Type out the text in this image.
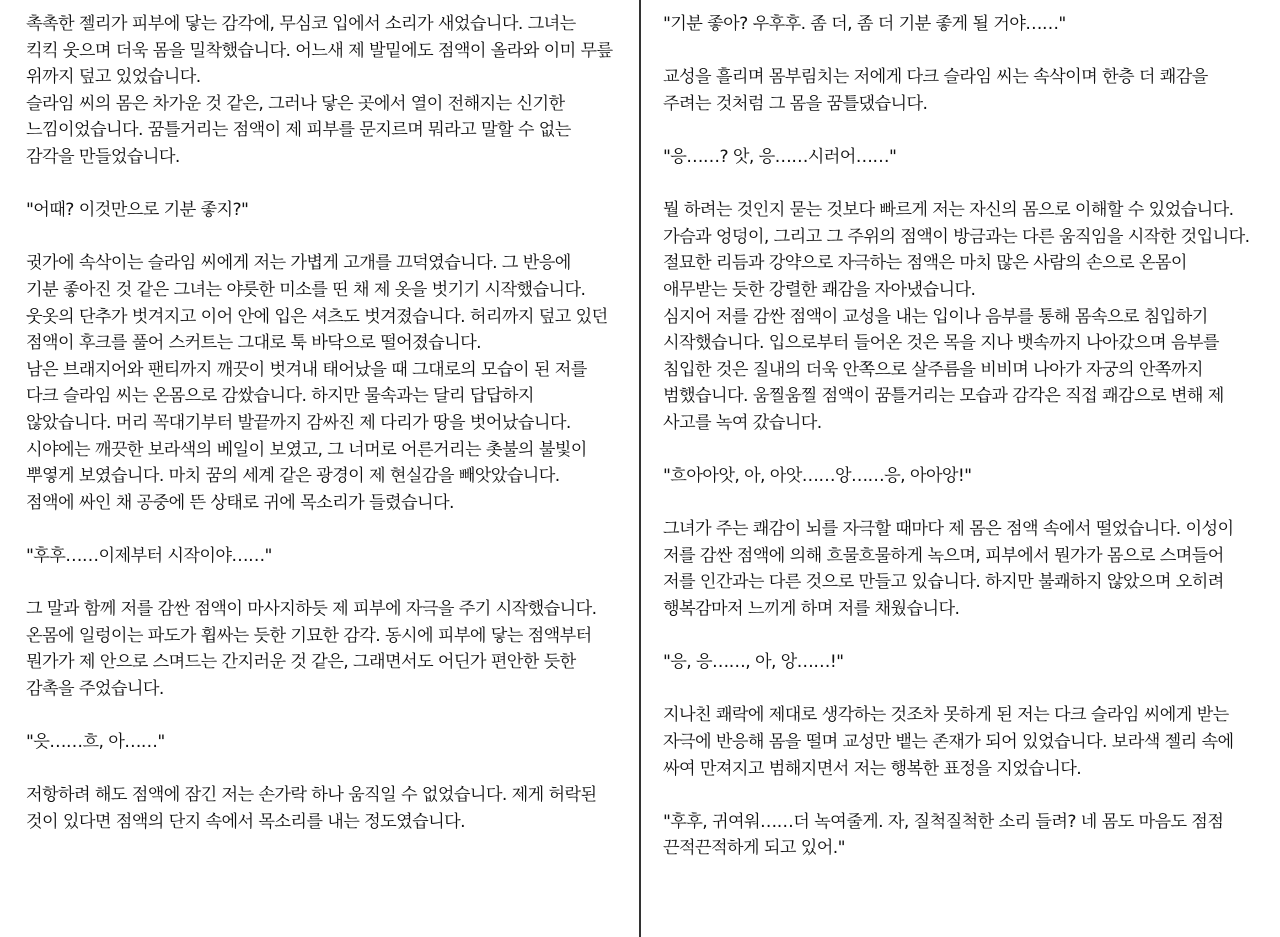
촉촉한 젤리가 피부에 닿는 감각에, 무심코 입에서 소리가 새었습니다. 그녀는
킥킥 웃으며 더욱 몸을 밀착했습니다. 어느새 제 발밑에도 점액이 올라와 이미 무릎
위까지 덮고 있었습니다.
슬라임 씨의 몸은 차가운 것 같은, 그러나 닿은 곳에서 열이 전해지는 신기한
느낌이었습니다. 꿈틀거리는 점액이 제 피부를 문지르며 뭐라고 말할 수 없는
감각을 만들었습니다.
"어때? 이것만으로 기분 좋지?"
귓가에 속삭이는 슬라임 씨에게 저는 가볍게 고개를 끄덕였습니다. 그 반응에
기분 좋아진 것 같은 그녀는 야릇한 미소를 띤 채 제 옷을 벗기기 시작했습니다.
웃옷의 단추가 벗겨지고 이어 안에 입은 셔츠도 벗겨졌습니다. 허리까지 덮고 있던
점액이 후크를 풀어 스커트는 그대로 툭 바닥으로 떨어졌습니다.
남은 브래지어와 팬티까지 깨끗이 벗겨내 태어났을 때 그대로의 모습이 된 저를
다크 슬라임 씨는 온몸으로 감쌌습니다. 하지만 물속과는 달리 답답하지
않았습니다. 머리 꼭대기부터 발끝까지 감싸진 제 다리가 땅을 벗어났습니다.
시야에는 깨끗한 보라색의 베일이 보였고, 그 너머로 어른거리는 촛불의 불빛이
뿌옇게 보였습니다. 마치 꿈의 세계 같은 광경이 제 현실감을 빼앗았습니다.
점액에 싸인 채 공중에 뜬 상태로 귀에 목소리가 들렸습니다.
"후후……이제부터 시작이야……"
그 말과 함께 저를 감싼 점액이 마사지하듯 제 피부에 자극을 주기 시작했습니다.
온몸에 일렁이는 파도가 휩싸는 듯한 기묘한 감각. 동시에 피부에 닿는 점액부터
뭔가가 제 안으로 스며드는 간지러운 것 같은, 그래면서도 어딘가 편안한 듯한
감촉을 주었습니다.
"읏……흐, 아……"
저항하려 해도 점액에 잠긴 저는 손가락 하나 움직일 수 없었습니다. 제게 허락된
것이 있다면 점액의 단지 속에서 목소리를 내는 정도였습니다.
"기분 좋아? 우후후. 좀 더, 좀 더 기분 좋게 될 거야……"
교성을 흘리며 몸부림치는 저에게 다크 슬라임 씨는 속삭이며 한층 더 쾌감을
주려는 것처럼 그 몸을 꿈틀댔습니다.
"응……? 앗, 응……시러어……"
뭘 하려는 것인지 묻는 것보다 빠르게 저는 자신의 몸으로 이해할 수 있었습니다.
가슴과 엉덩이, 그리고 그 주위의 점액이 방금과는 다른 움직임을 시작한 것입니다.
절묘한 리듬과 강약으로 자극하는 점액은 마치 많은 사람의 손으로 온몸이
애무받는 듯한 강렬한 쾌감을 자아냈습니다.
심지어 저를 감싼 점액이 교성을 내는 입이나 음부를 통해 몸속으로 침입하기
시작했습니다. 입으로부터 들어온 것은 목을 지나 뱃속까지 나아갔으며 음부를
침입한 것은 질내의 더욱 안쪽으로 살주름을 비비며 나아가 자궁의 안쪽까지
범했습니다. 움찔움찔 점액이 꿈틀거리는 모습과 감각은 직접 쾌감으로 변해 제
사고를 녹여 갔습니다.
"흐아아앗, 아, 아앗……앙……응, 아아앙!"
그녀가 주는 쾌감이 뇌를 자극할 때마다 제 몸은 점액 속에서 떨었습니다. 이성이
저를 감싼 점액에 의해 흐물흐물하게 녹으며, 피부에서 뭔가가 몸으로 스며들어
저를 인간과는 다른 것으로 만들고 있습니다. 하지만 불쾌하지 않았으며 오히려
행복감마저 느끼게 하며 저를 채웠습니다.
"응, 응……, 아, 앙……!"
지나친 쾌락에 제대로 생각하는 것조차 못하게 된 저는 다크 슬라임 씨에게 받는
자극에 반응해 몸을 떨며 교성만 뱉는 존재가 되어 있었습니다. 보라색 젤리 속에
싸여 만져지고 범해지면서 저는 행복한 표정을 지었습니다.
"후후, 귀여워……더 녹여줄게. 자, 질척질척한 소리 들려? 네 몸도 마음도 점점
끈적끈적하게 되고 있어."
